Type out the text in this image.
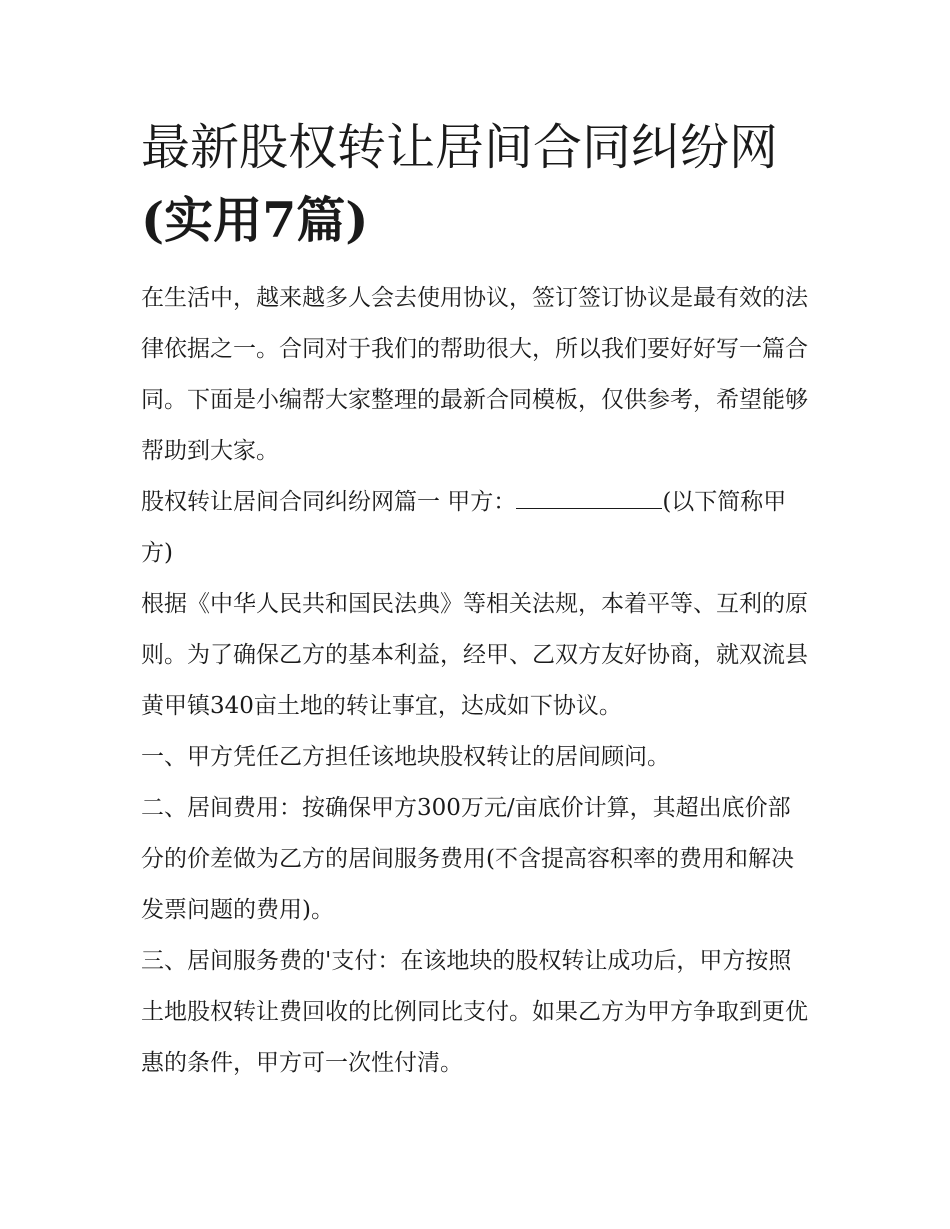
最新股权转让居间合同纠纷网
(实用7篇)

在生活中，越来越多人会去使用协议，签订签订协议是最有效的法律依据之一。合同对于我们的帮助很大，所以我们要好好写一篇合同。下面是小编帮大家整理的最新合同模板，仅供参考，希望能够帮助到大家。

股权转让居间合同纠纷网篇一 甲方：	(以下简称甲方)

根据《中华人民共和国民法典》等相关法规，本着平等、互利的原则。为了确保乙方的基本利益，经甲、乙双方友好协商，就双流县黄甲镇340亩土地的转让事宜，达成如下协议。

一、甲方凭任乙方担任该地块股权转让的居间顾问。

二、居间费用：按确保甲方300万元/亩底价计算，其超出底价部分的价差做为乙方的居间服务费用(不含提高容积率的费用和解决发票问题的费用)。

三、居间服务费的'支付：在该地块的股权转让成功后，甲方按照土地股权转让费回收的比例同比支付。如果乙方为甲方争取到更优惠的条件，甲方可一次性付清。
